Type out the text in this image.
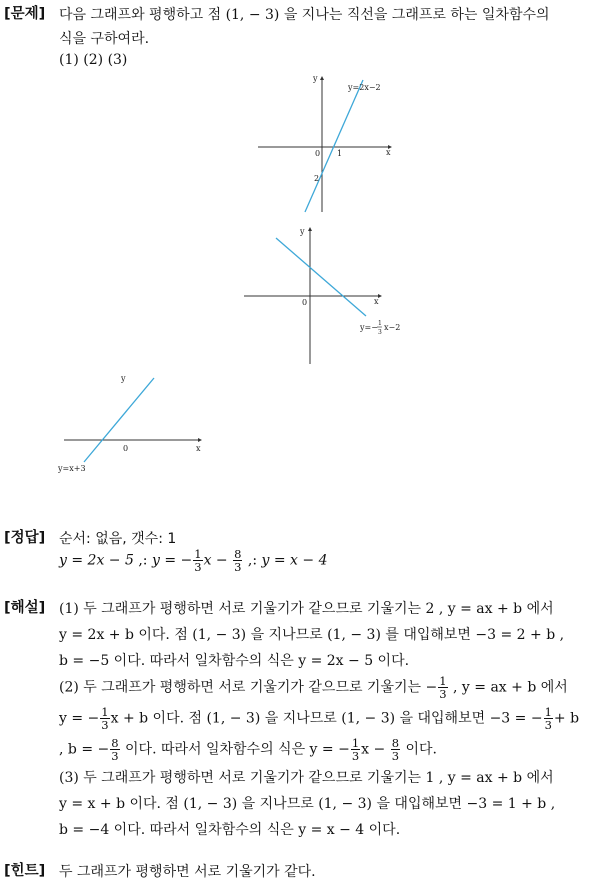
[문제] 다음 그래프와 평행하고 점 (1, − 3) 을 지나는 직선을 그래프로 하는 일차함수의
식을 구하여라.
(1) (2) (3)
y
x
0 1
2
y=2x−2
y
x
0
y=− 1
3
x−2
y
x
0
y=x+3
[정답] 순서: 없음, 갯수: 1
y = 2x − 5 ,: y = − $\frac{1}{3}$ $x - \frac{8}{3}$ ,: y = x − 4
[해설] (1) 두 그래프가 평행하면 서로 기울기가 같으므로 기울기는 2 , y = ax + b 에서
y = 2x + b 이다. 점 (1, − 3) 을 지나므로 (1, − 3) 를 대입해보면 −3 = 2 + b ,
b = −5 이다. 따라서 일차함수의 식은 y = 2x − 5 이다.
(2) 두 그래프가 평행하면 서로 기울기가 같으므로 기울기는 − $\frac{1}{3}$ , y = ax + b 에서
y = − $\frac{1}{3}$ x + b 이다. 점 (1, − 3) 을 지나므로 (1, − 3) 을 대입해보면 −3 = − $\frac{1}{3} + b$
, b = − $\frac{8}{3}$ 이다. 따라서 일차함수의 식은 y = − $\frac{1}{3}$ $x - \frac{8}{3}$ 이다.
(3) 두 그래프가 평행하면 서로 기울기가 같으므로 기울기는 1 , y = ax + b 에서
y = x + b 이다. 점 (1, − 3) 을 지나므로 (1, − 3) 을 대입해보면 −3 = 1 + b ,
b = −4 이다. 따라서 일차함수의 식은 y = x − 4 이다.
[힌트] 두 그래프가 평행하면 서로 기울기가 같다.
